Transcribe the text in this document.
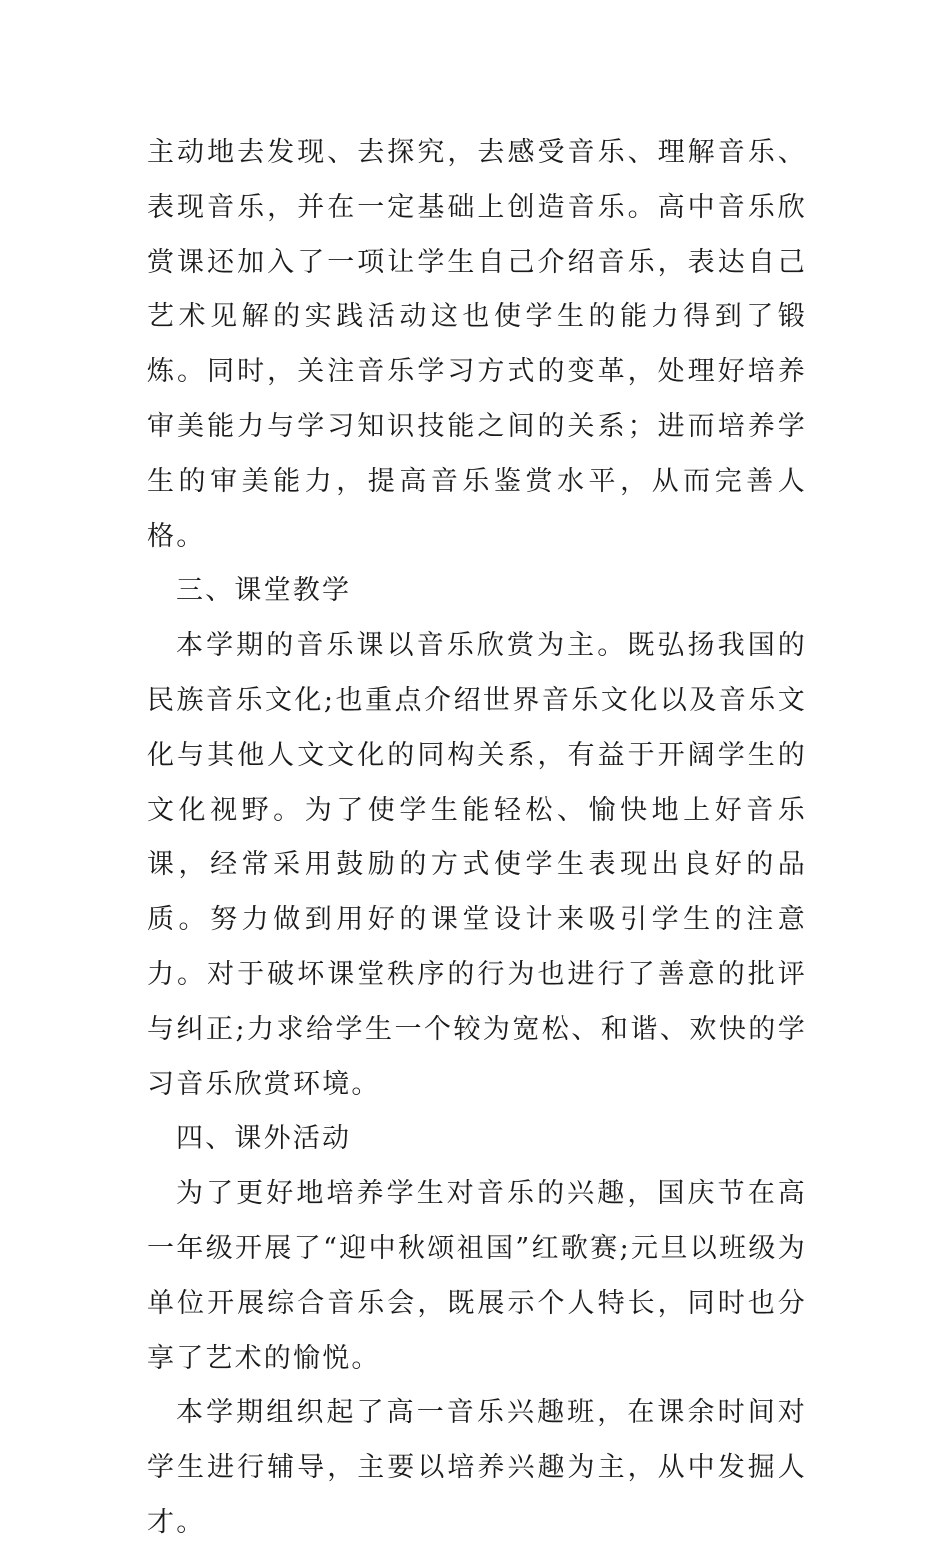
主动地去发现、去探究，去感受音乐、理解音乐、表现音乐，并在一定基础上创造音乐。高中音乐欣赏课还加入了一项让学生自己介绍音乐，表达自己艺术见解的实践活动这也使学生的能力得到了锻炼。同时，关注音乐学习方式的变革，处理好培养审美能力与学习知识技能之间的关系；进而培养学生的审美能力，提高音乐鉴赏水平，从而完善人格。

三、课堂教学

本学期的音乐课以音乐欣赏为主。既弘扬我国的民族音乐文化;也重点介绍世界音乐文化以及音乐文化与其他人文文化的同构关系，有益于开阔学生的文化视野。为了使学生能轻松、愉快地上好音乐课，经常采用鼓励的方式使学生表现出良好的品质。努力做到用好的课堂设计来吸引学生的注意力。对于破坏课堂秩序的行为也进行了善意的批评与纠正;力求给学生一个较为宽松、和谐、欢快的学习音乐欣赏环境。

四、课外活动

为了更好地培养学生对音乐的兴趣，国庆节在高一年级开展了“迎中秋颂祖国”红歌赛;元旦以班级为单位开展综合音乐会，既展示个人特长，同时也分享了艺术的愉悦。

本学期组织起了高一音乐兴趣班，在课余时间对学生进行辅导，主要以培养兴趣为主，从中发掘人才。
